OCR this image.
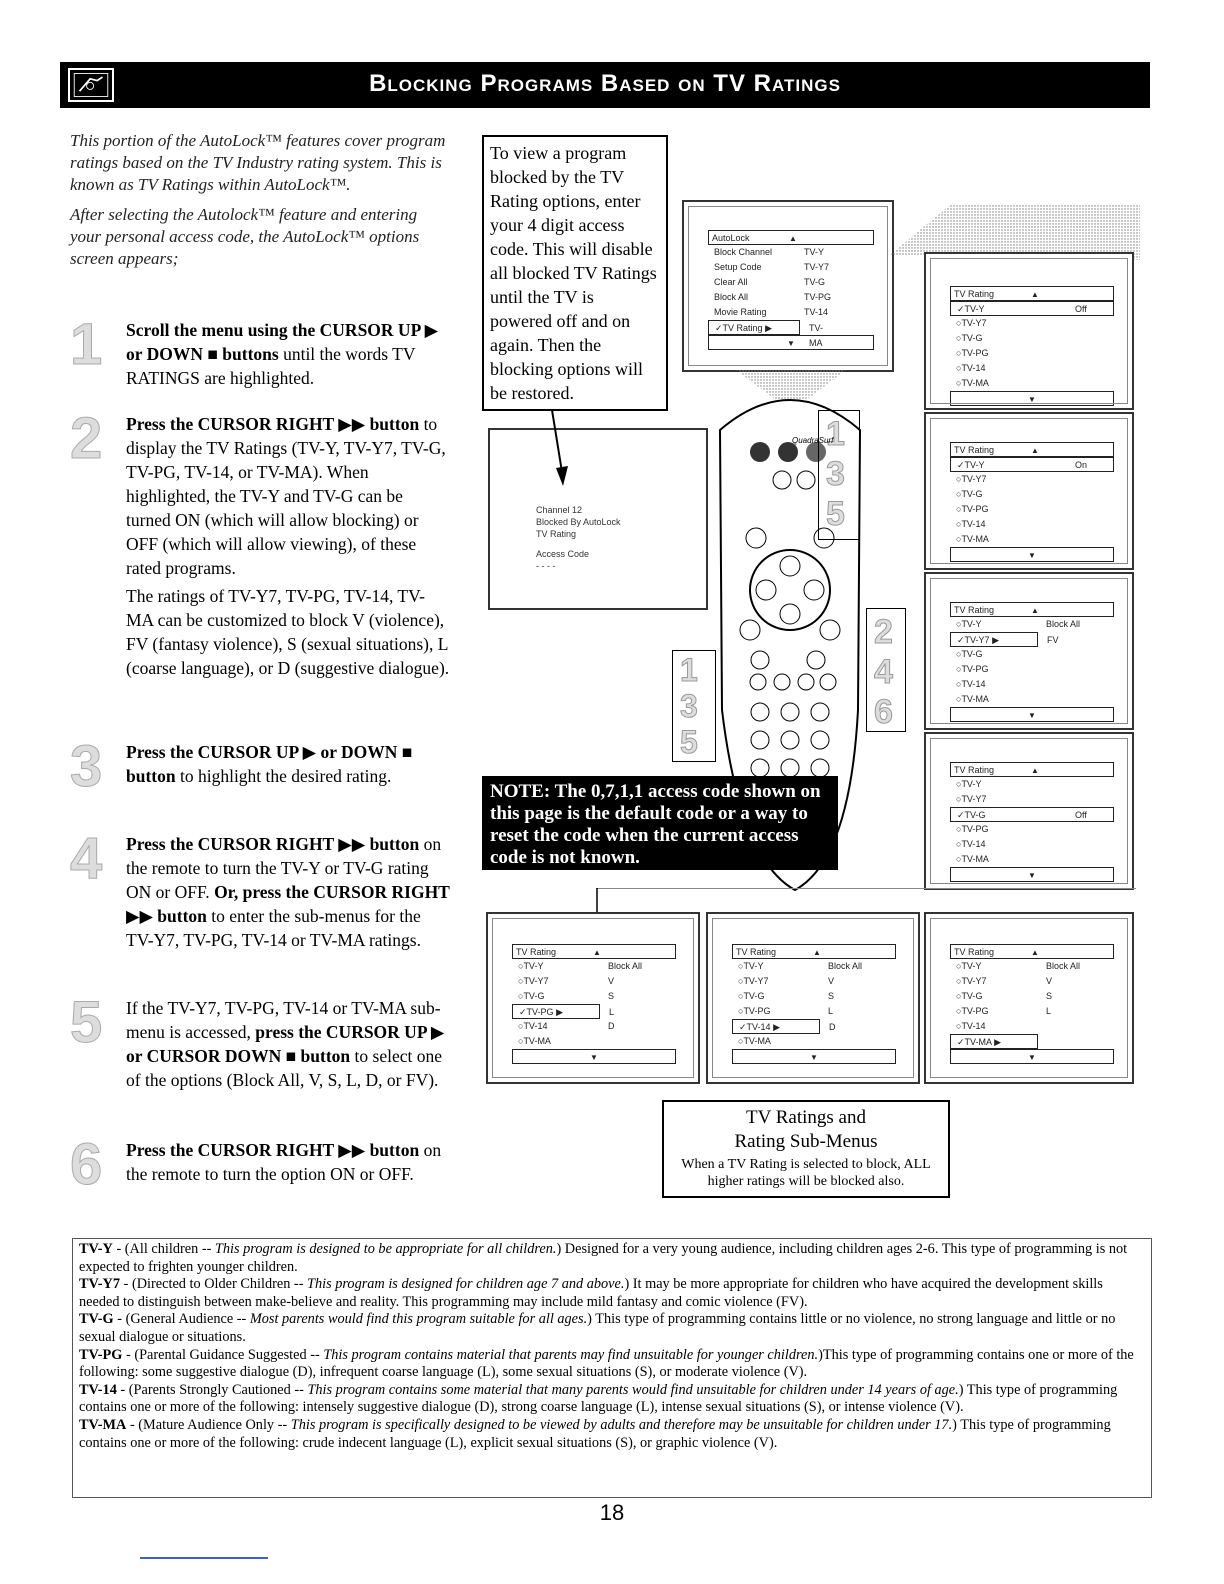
Blocking Programs Based on TV Ratings

This portion of the AutoLock™ features cover program ratings based on the TV Industry rating system. This is known as TV Ratings within AutoLock™.

After selecting the Autolock™ feature and entering your personal access code, the AutoLock™ options screen appears;

1 Scroll the menu using the CURSOR UP ▶ or DOWN ■ buttons until the words TV RATINGS are highlighted.
2 Press the CURSOR RIGHT ▶▶ button to display the TV Ratings (TV-Y, TV-Y7, TV-G, TV-PG, TV-14, or TV-MA). When highlighted, the TV-Y and TV-G can be turned ON (which will allow blocking) or OFF (which will allow viewing), of these rated programs.
The ratings of TV-Y7, TV-PG, TV-14, TV-MA can be customized to block V (violence), FV (fantasy violence), S (sexual situations), L (coarse language), or D (suggestive dialogue).
3 Press the CURSOR UP ▶ or DOWN ■ button to highlight the desired rating.
4 Press the CURSOR RIGHT ▶▶ button on the remote to turn the TV-Y or TV-G rating ON or OFF. Or, press the CURSOR RIGHT ▶▶ button to enter the sub-menus for the TV-Y7, TV-PG, TV-14 or TV-MA ratings.
5 If the TV-Y7, TV-PG, TV-14 or TV-MA sub-menu is accessed, press the CURSOR UP ▶ or CURSOR DOWN ■ button to select one of the options (Block All, V, S, L, D, or FV).
6 Press the CURSOR RIGHT ▶▶ button on the remote to turn the option ON or OFF.
To view a program blocked by the TV Rating options, enter your 4 digit access code. This will disable all blocked TV Ratings until the TV is powered off and on again. Then the blocking options will be restored.
AutoLock ▲
Block Channel	TV-Y
Setup Code	TV-Y7
Clear All	TV-G
Block All	TV-PG
Movie Rating	TV-14
✓TV Rating ▶	TV-MA
▼
TV Rating ▲
✓TV-Y	Off
○TV-Y7
○TV-G
○TV-PG
○TV-14
○TV-MA
▼
TV Rating ▲
✓TV-Y	On
○TV-Y7
○TV-G
○TV-PG
○TV-14
○TV-MA
▼
TV Rating ▲
○TV-Y	Block All
✓TV-Y7 ▶	FV
○TV-G
○TV-PG
○TV-14
○TV-MA
▼
TV Rating ▲
○TV-Y
○TV-Y7
✓TV-G	Off
○TV-PG
○TV-14
○TV-MA
▼
Channel 12
Blocked By AutoLock
TV Rating
Access Code
- - - -
1
3
5
2
4
6
1
3
5
QuadraSurf
NOTE: The 0,7,1,1 access code shown on this page is the default code or a way to reset the code when the current access code is not known.
TV Rating ▲
○TV-Y	Block All
○TV-Y7	V
○TV-G	S
✓TV-PG ▶	L
○TV-14	D
○TV-MA
▼
TV Rating ▲
○TV-Y	Block All
○TV-Y7	V
○TV-G	S
○TV-PG	L
✓TV-14 ▶	D
○TV-MA
▼
TV Rating ▲
○TV-Y	Block All
○TV-Y7	V
○TV-G	S
○TV-PG	L
○TV-14
✓TV-MA ▶
▼
TV Ratings and
Rating Sub-Menus
When a TV Rating is selected to block, ALL higher ratings will be blocked also.

TV-Y - (All children -- This program is designed to be appropriate for all children.) Designed for a very young audience, including children ages 2-6. This type of programming is not expected to frighten younger children.

TV-Y7 - (Directed to Older Children -- This program is designed for children age 7 and above.) It may be more appropriate for children who have acquired the development skills needed to distinguish between make-believe and reality. This programming may include mild fantasy and comic violence (FV).

TV-G - (General Audience -- Most parents would find this program suitable for all ages.) This type of programming contains little or no violence, no strong language and little or no sexual dialogue or situations.

TV-PG - (Parental Guidance Suggested -- This program contains material that parents may find unsuitable for younger children.)This type of programming contains one or more of the following: some suggestive dialogue (D), infrequent coarse language (L), some sexual situations (S), or moderate violence (V).

TV-14 - (Parents Strongly Cautioned -- This program contains some material that many parents would find unsuitable for children under 14 years of age.) This type of programming contains one or more of the following: intensely suggestive dialogue (D), strong coarse language (L), intense sexual situations (S), or intense violence (V).

TV-MA - (Mature Audience Only -- This program is specifically designed to be viewed by adults and therefore may be unsuitable for children under 17.) This type of programming contains one or more of the following: crude indecent language (L), explicit sexual situations (S), or graphic violence (V).

18
